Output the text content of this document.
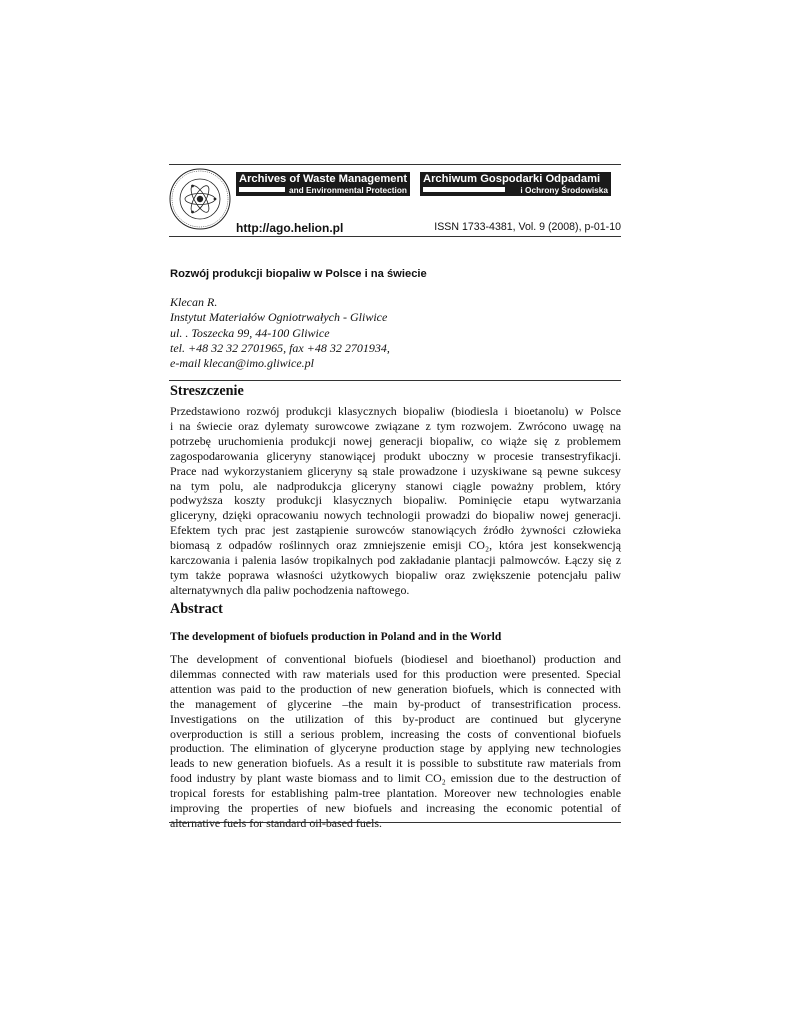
Archives of Waste Management
and Environmental Protection
Archiwum Gospodarki Odpadami
i Ochrony Środowiska
http://ago.helion.pl	ISSN 1733-4381, Vol. 9 (2008), p-01-10
Rozwój produkcji biopaliw w Polsce i na świecie
Klecan R.
Instytut Materiałów Ogniotrwałych - Gliwice
ul. . Toszecka 99, 44-100 Gliwice
tel. +48 32 32 2701965, fax +48 32 2701934,
e-mail klecan@imo.gliwice.pl
Streszczenie
Przedstawiono rozwój produkcji klasycznych biopaliw (biodiesla i bioetanolu) w Polsce
i na świecie oraz dylematy surowcowe związane z tym rozwojem. Zwrócono uwagę na
potrzebę uruchomienia produkcji nowej generacji biopaliw, co wiąże się z problemem
zagospodarowania gliceryny stanowiącej produkt uboczny w procesie transestryfikacji.
Prace nad wykorzystaniem gliceryny są stale prowadzone i uzyskiwane są pewne sukcesy
na tym polu, ale nadprodukcja gliceryny stanowi ciągle poważny problem, który
podwyższa koszty produkcji klasycznych biopaliw. Pominięcie etapu wytwarzania
gliceryny, dzięki opracowaniu nowych technologii prowadzi do biopaliw nowej generacji.
Efektem tych prac jest zastąpienie surowców stanowiących źródło żywności człowieka
biomasą z odpadów roślinnych oraz zmniejszenie emisji CO₂, która jest konsekwencją
karczowania i palenia lasów tropikalnych pod zakładanie plantacji palmowców. Łączy się z
tym także poprawa własności użytkowych biopaliw oraz zwiększenie potencjału paliw
alternatywnych dla paliw pochodzenia naftowego.
Abstract
The development of biofuels production in Poland and in the World
The development of conventional biofuels (biodiesel and bioethanol) production and
dilemmas connected with raw materials used for this production were presented. Special
attention was paid to the production of new generation biofuels, which is connected with
the management of glycerine –the main by-product of transestrification process.
Investigations on the utilization of this by-product are continued but glyceryne
overproduction is still a serious problem, increasing the costs of conventional biofuels
production. The elimination of glyceryne production stage by applying new technologies
leads to new generation biofuels. As a result it is possible to substitute raw materials from
food industry by plant waste biomass and to limit CO₂ emission due to the destruction of
tropical forests for establishing palm-tree plantation. Moreover new technologies enable
improving the properties of new biofuels and increasing the economic potential of
alternative fuels for standard oil-based fuels.
